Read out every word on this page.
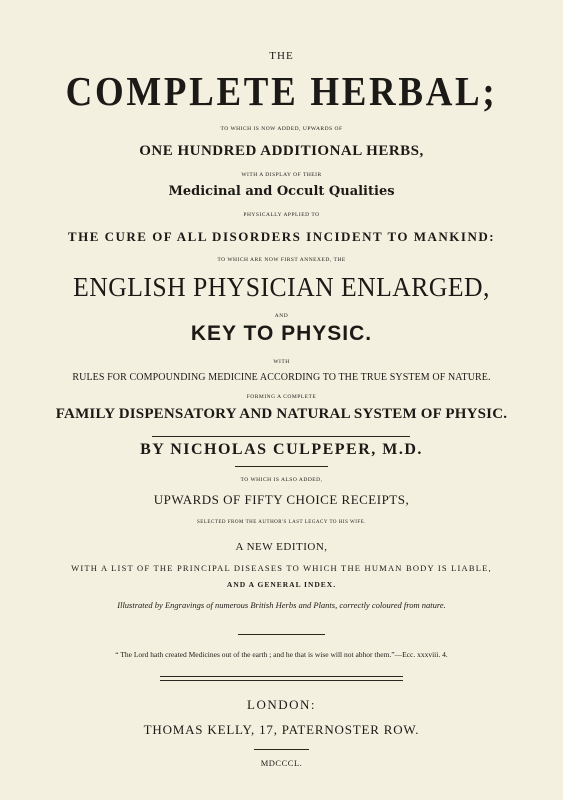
THE
COMPLETE HERBAL;
TO WHICH IS NOW ADDED, UPWARDS OF
ONE HUNDRED ADDITIONAL HERBS,
WITH A DISPLAY OF THEIR
Medicinal and Occult Qualities
PHYSICALLY APPLIED TO
THE CURE OF ALL DISORDERS INCIDENT TO MANKIND:
TO WHICH ARE NOW FIRST ANNEXED, THE
ENGLISH PHYSICIAN ENLARGED,
AND
KEY TO PHYSIC.
WITH
RULES FOR COMPOUNDING MEDICINE ACCORDING TO THE TRUE SYSTEM OF NATURE.
FORMING A COMPLETE
FAMILY DISPENSATORY AND NATURAL SYSTEM OF PHYSIC.
BY NICHOLAS CULPEPER, M.D.
TO WHICH IS ALSO ADDED,
UPWARDS OF FIFTY CHOICE RECEIPTS,
SELECTED FROM THE AUTHOR'S LAST LEGACY TO HIS WIFE.
A NEW EDITION,
WITH A LIST OF THE PRINCIPAL DISEASES TO WHICH THE HUMAN BODY IS LIABLE,
AND A GENERAL INDEX.
Illustrated by Engravings of numerous British Herbs and Plants, correctly coloured from nature.
“ The Lord hath created Medicines out of the earth ; and he that is wise will not abhor them.”—Ecc. xxxviii. 4.
LONDON:
THOMAS KELLY, 17, PATERNOSTER ROW.
MDCCCL.
